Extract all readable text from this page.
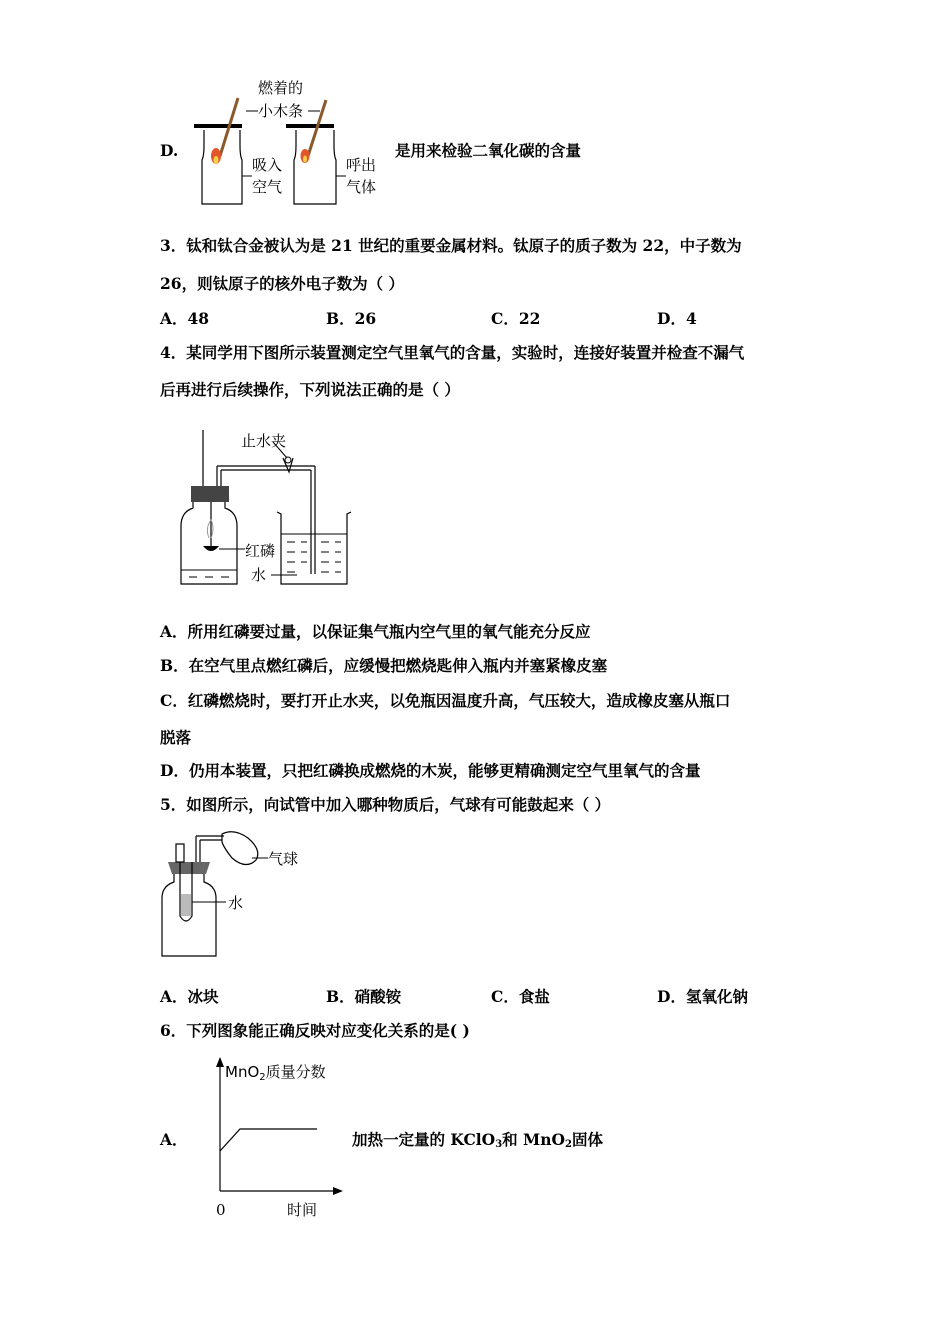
D.
燃着的
小木条
吸入
空气
呼出
气体
是用来检验二氧化碳的含量
3．钛和钛合金被认为是 21 世纪的重要金属材料。钛原子的质子数为 22，中子数为
26，则钛原子的核外电子数为（ ）
A．48	B．26	C．22	D．4
4．某同学用下图所示装置测定空气里氧气的含量，实验时，连接好装置并检查不漏气
后再进行后续操作，下列说法正确的是（ ）
止水夹
红磷
水
A．所用红磷要过量，以保证集气瓶内空气里的氧气能充分反应
B．在空气里点燃红磷后，应缓慢把燃烧匙伸入瓶内并塞紧橡皮塞
C．红磷燃烧时，要打开止水夹，以免瓶因温度升高，气压较大，造成橡皮塞从瓶口
脱落
D．仍用本装置，只把红磷换成燃烧的木炭，能够更精确测定空气里氧气的含量
5．如图所示，向试管中加入哪种物质后，气球有可能鼓起来（ ）
气球
水
A．冰块	B．硝酸铵	C．食盐	D．氢氧化钠
6．下列图象能正确反映对应变化关系的是( )
A．
MnO$_2$质量分数
0	时间
加热一定量的 KClO3和 MnO2固体
